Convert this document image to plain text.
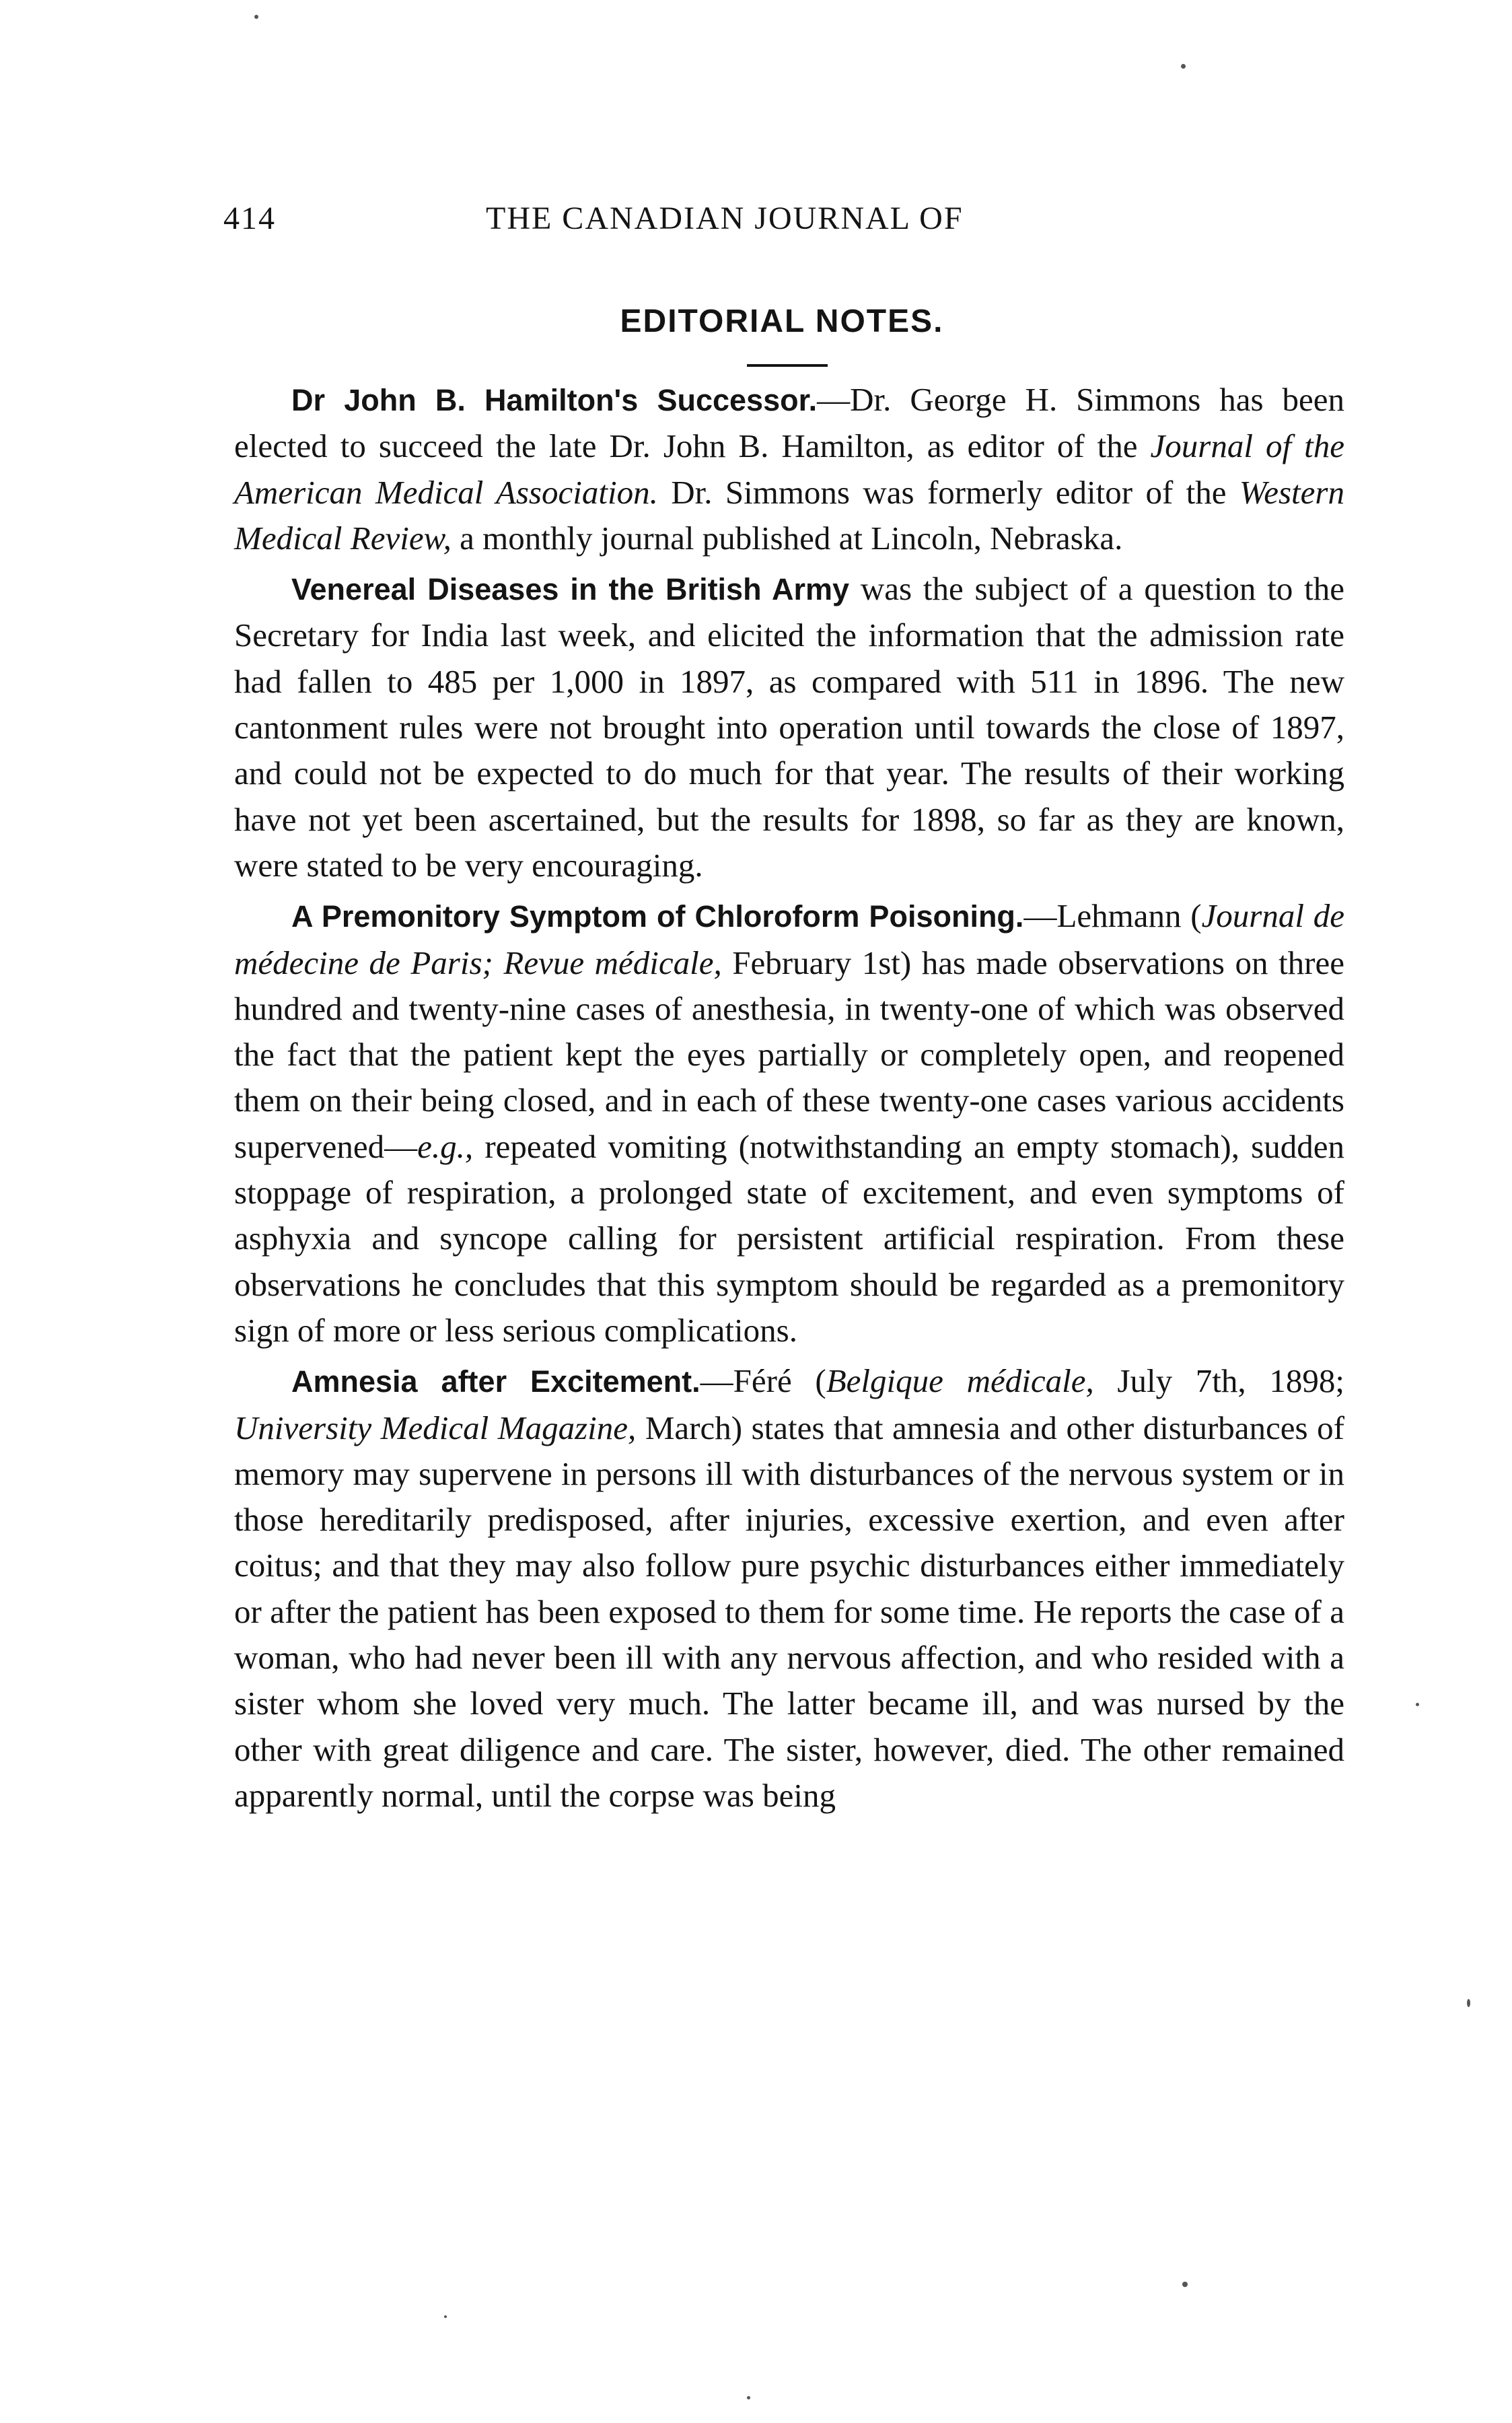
414	THE CANADIAN JOURNAL OF
EDITORIAL NOTES.

Dr John B. Hamilton's Successor.—Dr. George H. Simmons has been elected to succeed the late Dr. John B. Hamilton, as editor of the Journal of the American Medical Association. Dr. Simmons was formerly editor of the Western Medical Review, a monthly journal published at Lincoln, Nebraska.

Venereal Diseases in the British Army was the subject of a question to the Secretary for India last week, and elicited the information that the admission rate had fallen to 485 per 1,000 in 1897, as compared with 511 in 1896. The new cantonment rules were not brought into operation until towards the close of 1897, and could not be expected to do much for that year. The results of their working have not yet been ascertained, but the results for 1898, so far as they are known, were stated to be very encouraging.

A Premonitory Symptom of Chloroform Poisoning.—Lehmann (Journal de médecine de Paris; Revue médicale, February 1st) has made observations on three hundred and twenty-nine cases of anesthesia, in twenty-one of which was observed the fact that the patient kept the eyes partially or completely open, and reopened them on their being closed, and in each of these twenty-one cases various accidents supervened—e.g., repeated vomiting (notwithstanding an empty stomach), sudden stoppage of respiration, a prolonged state of excitement, and even symptoms of asphyxia and syncope calling for persistent artificial respiration. From these observations he concludes that this symptom should be regarded as a premonitory sign of more or less serious complications.

Amnesia after Excitement.—Féré (Belgique médicale, July 7th, 1898; University Medical Magazine, March) states that amnesia and other disturbances of memory may supervene in persons ill with disturbances of the nervous system or in those hereditarily predisposed, after injuries, excessive exertion, and even after coitus; and that they may also follow pure psychic disturbances either immediately or after the patient has been exposed to them for some time. He reports the case of a woman, who had never been ill with any nervous affection, and who resided with a sister whom she loved very much. The latter became ill, and was nursed by the other with great diligence and care. The sister, however, died. The other remained apparently normal, until the corpse was being
